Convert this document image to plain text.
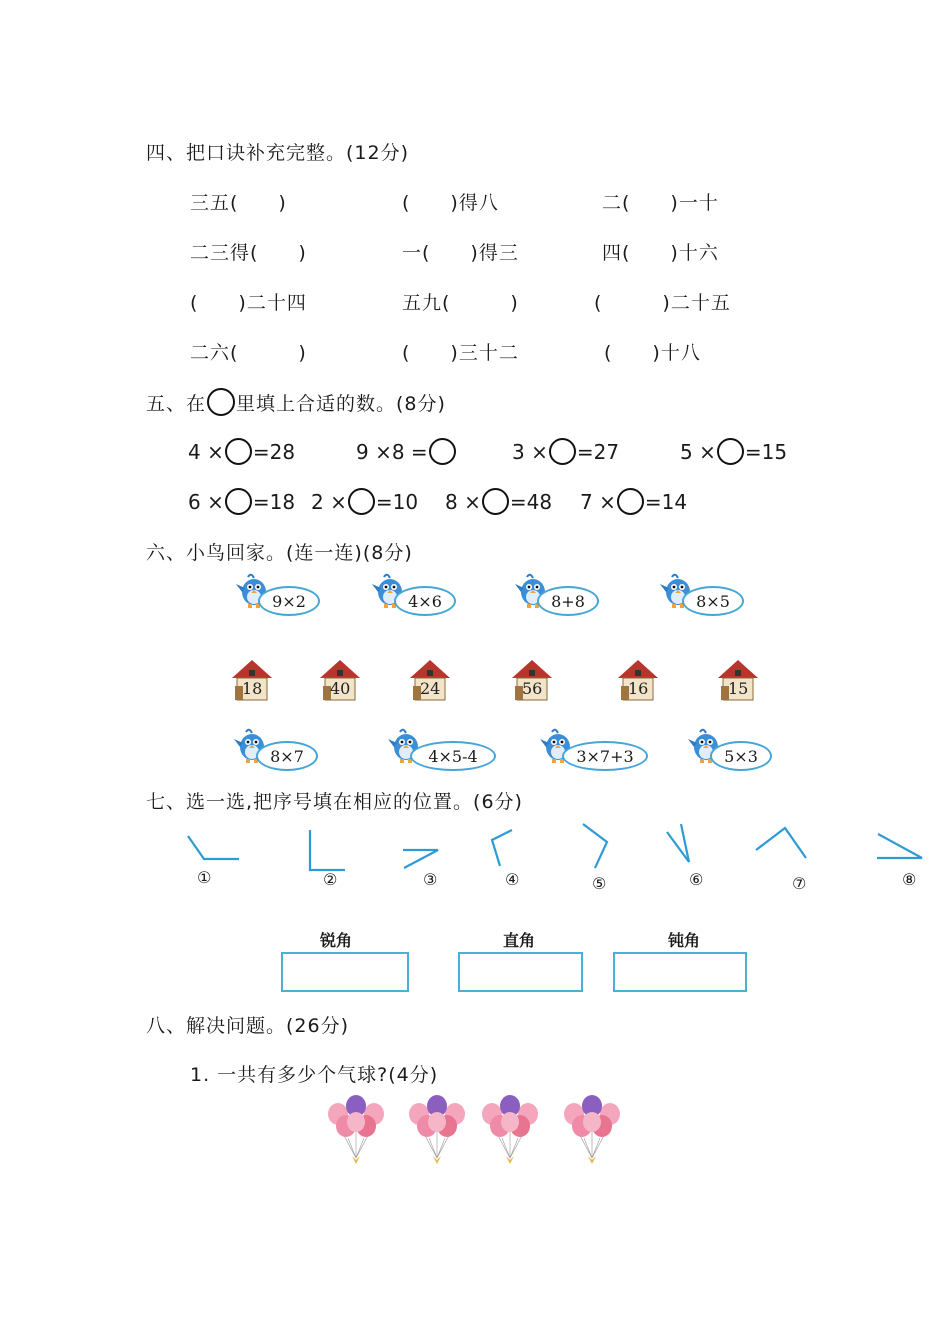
四、把口诀补充完整。(12分)
三五(　　)	(　　)得八	二(　　)一十
二三得(　　)	一(　　)得三	四(　　)十六
(　　)二十四	五九(　　　)	(　　　)二十五
二六(　　　)	(　　)三十二	(　　)十八
五、在 里填上合适的数。(8分)
4 × =28	9 ×8 =	3 × =27	5 × =15
6 × =18 2 × =10 8 × =48 7 × =14
六、小鸟回家。(连一连)(8分)
9×2	4×6	8+8	8×5
18	40	24	56	16	15
8×7	4×5-4	3×7+3	5×3
七、选一选,把序号填在相应的位置。(6分)
①	②	③	④	⑤	⑥	⑦	⑧
锐角	直角	钝角
八、解决问题。(26分)
1. 一共有多少个气球?(4分)
